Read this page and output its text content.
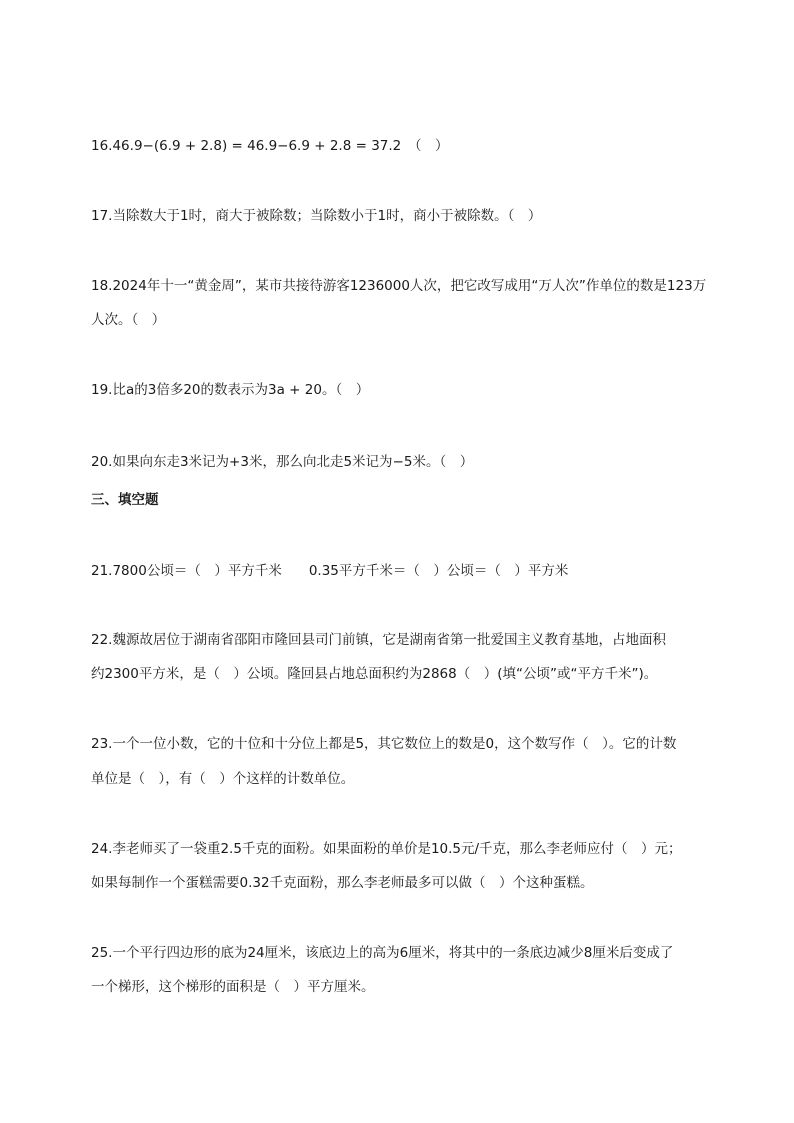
16.46.9−(6.9 + 2.8) = 46.9−6.9 + 2.8 = 37.2　（　）
17.当除数大于1时，商大于被除数；当除数小于1时，商小于被除数。（　）
18.2024年十一“黄金周”，某市共接待游客1236000人次，把它改写成用“万人次”作单位的数是123万
人次。（　）
19.比a的3倍多20的数表示为3a + 20。（　）
20.如果向东走3米记为+3米，那么向北走5米记为−5米。（　）
三、填空题
21.7800公顷＝（　）平方千米　　0.35平方千米＝（　）公顷＝（　）平方米
22.魏源故居位于湖南省邵阳市隆回县司门前镇，它是湖南省第一批爱国主义教育基地，占地面积
约2300平方米，是（　）公顷。隆回县占地总面积约为2868（　）(填“公顷”或“平方千米”)。
23.一个一位小数，它的十位和十分位上都是5，其它数位上的数是0，这个数写作（　）。它的计数
单位是（　），有（　）个这样的计数单位。
24.李老师买了一袋重2.5千克的面粉。如果面粉的单价是10.5元/千克，那么李老师应付（　）元；
如果每制作一个蛋糕需要0.32千克面粉，那么李老师最多可以做（　）个这种蛋糕。
25.一个平行四边形的底为24厘米，该底边上的高为6厘米，将其中的一条底边减少8厘米后变成了
一个梯形，这个梯形的面积是（　）平方厘米。
